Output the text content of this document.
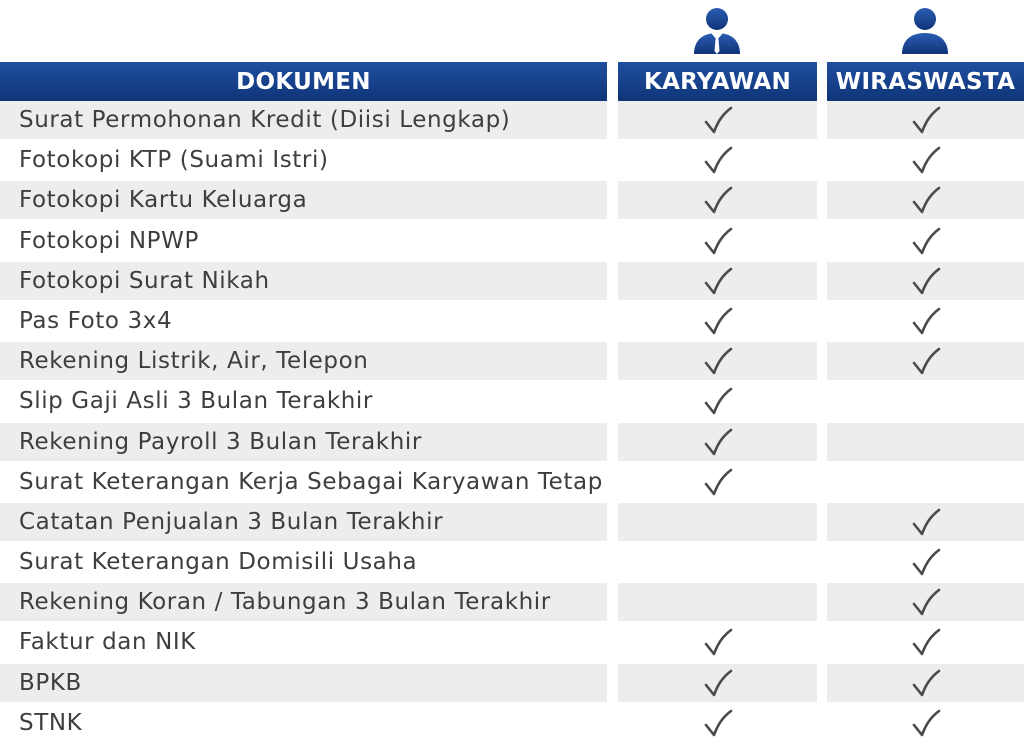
DOKUMEN	KARYAWAN	WIRASWASTA
Surat Permohonan Kredit (Diisi Lengkap)
Fotokopi KTP (Suami Istri)
Fotokopi Kartu Keluarga
Fotokopi NPWP
Fotokopi Surat Nikah
Pas Foto 3x4
Rekening Listrik, Air, Telepon
Slip Gaji Asli 3 Bulan Terakhir
Rekening Payroll 3 Bulan Terakhir
Surat Keterangan Kerja Sebagai Karyawan Tetap
Catatan Penjualan 3 Bulan Terakhir
Surat Keterangan Domisili Usaha
Rekening Koran / Tabungan 3 Bulan Terakhir
Faktur dan NIK
BPKB
STNK
